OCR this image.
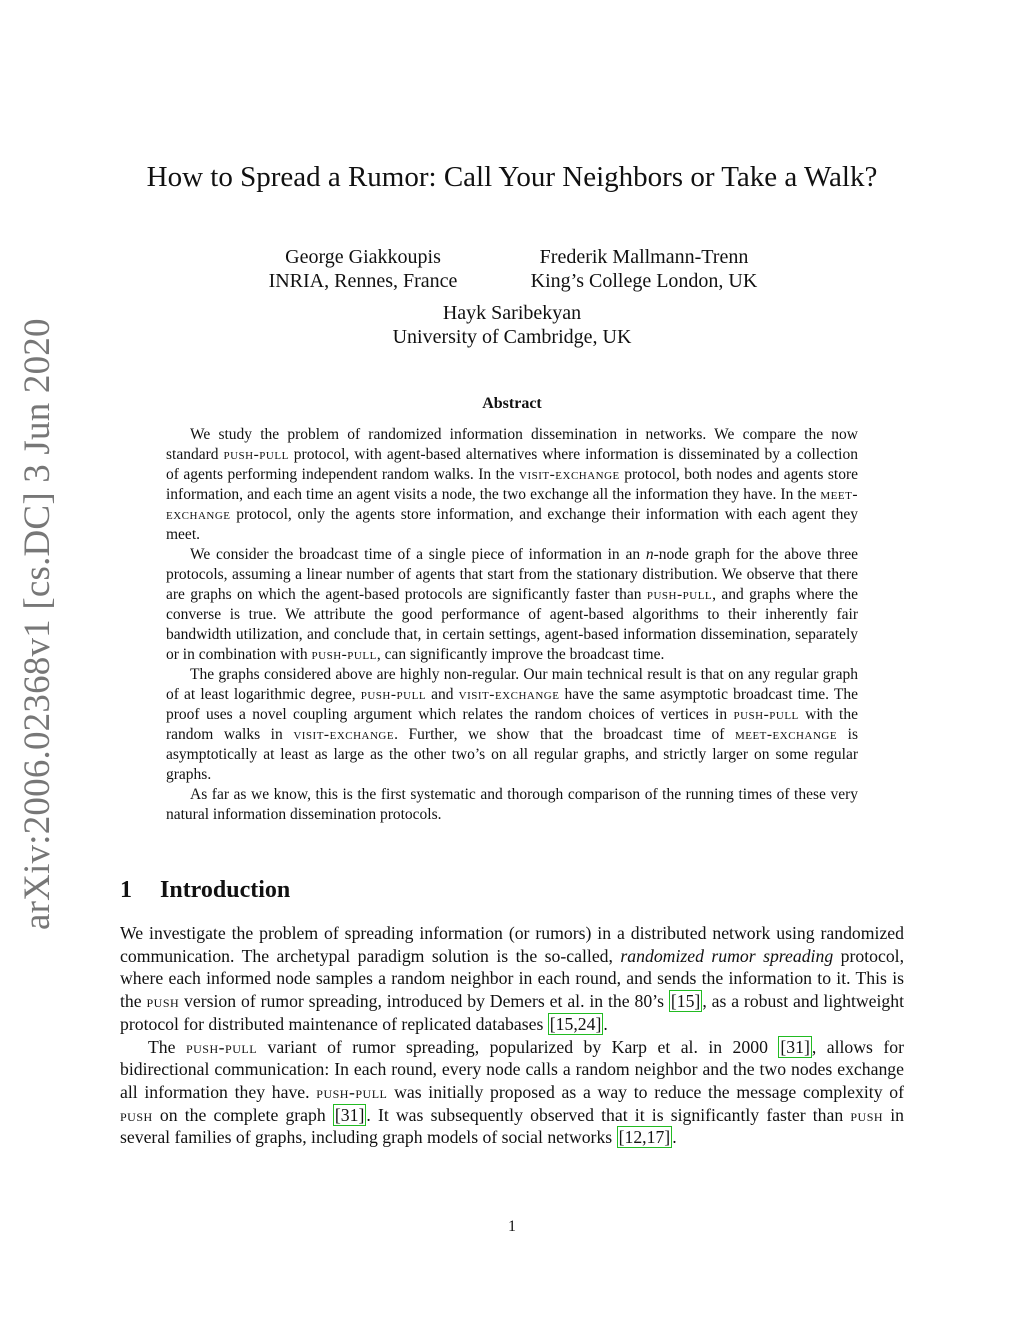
arXiv:2006.02368v1 [cs.DC] 3 Jun 2020
How to Spread a Rumor: Call Your Neighbors or Take a Walk?
George Giakkoupis
INRIA, Rennes, France
Frederik Mallmann-Trenn
King’s College London, UK
Hayk Saribekyan
University of Cambridge, UK
Abstract

We study the problem of randomized information dissemination in networks. We compare the now standard push-pull protocol, with agent-based alternatives where information is disseminated by a collection of agents performing independent random walks. In the visit-exchange protocol, both nodes and agents store information, and each time an agent visits a node, the two exchange all the information they have. In the meet-exchange protocol, only the agents store information, and exchange their information with each agent they meet.

We consider the broadcast time of a single piece of information in an n-node graph for the above three protocols, assuming a linear number of agents that start from the stationary distribution. We observe that there are graphs on which the agent-based protocols are significantly faster than push-pull, and graphs where the converse is true. We attribute the good performance of agent-based algorithms to their inherently fair bandwidth utilization, and conclude that, in certain settings, agent-based information dissemination, separately or in combination with push-pull, can significantly improve the broadcast time.

The graphs considered above are highly non-regular. Our main technical result is that on any regular graph of at least logarithmic degree, push-pull and visit-exchange have the same asymptotic broadcast time. The proof uses a novel coupling argument which relates the random choices of vertices in push-pull with the random walks in visit-exchange. Further, we show that the broadcast time of meet-exchange is asymptotically at least as large as the other two’s on all regular graphs, and strictly larger on some regular graphs.

As far as we know, this is the first systematic and thorough comparison of the running times of these very natural information dissemination protocols.

1 Introduction

We investigate the problem of spreading information (or rumors) in a distributed network using randomized communication. The archetypal paradigm solution is the so-called, randomized rumor spreading protocol, where each informed node samples a random neighbor in each round, and sends the information to it. This is the push version of rumor spreading, introduced by Demers et al. in the 80’s [15] , as a robust and lightweight protocol for distributed maintenance of replicated databases [15,24] .

The push-pull variant of rumor spreading, popularized by Karp et al. in 2000 [31] , allows for bidirectional communication: In each round, every node calls a random neighbor and the two nodes exchange all information they have. push-pull was initially proposed as a way to reduce the message complexity of push on the complete graph [31] . It was subsequently observed that it is significantly faster than push in several families of graphs, including graph models of social networks [12,17] .

1
